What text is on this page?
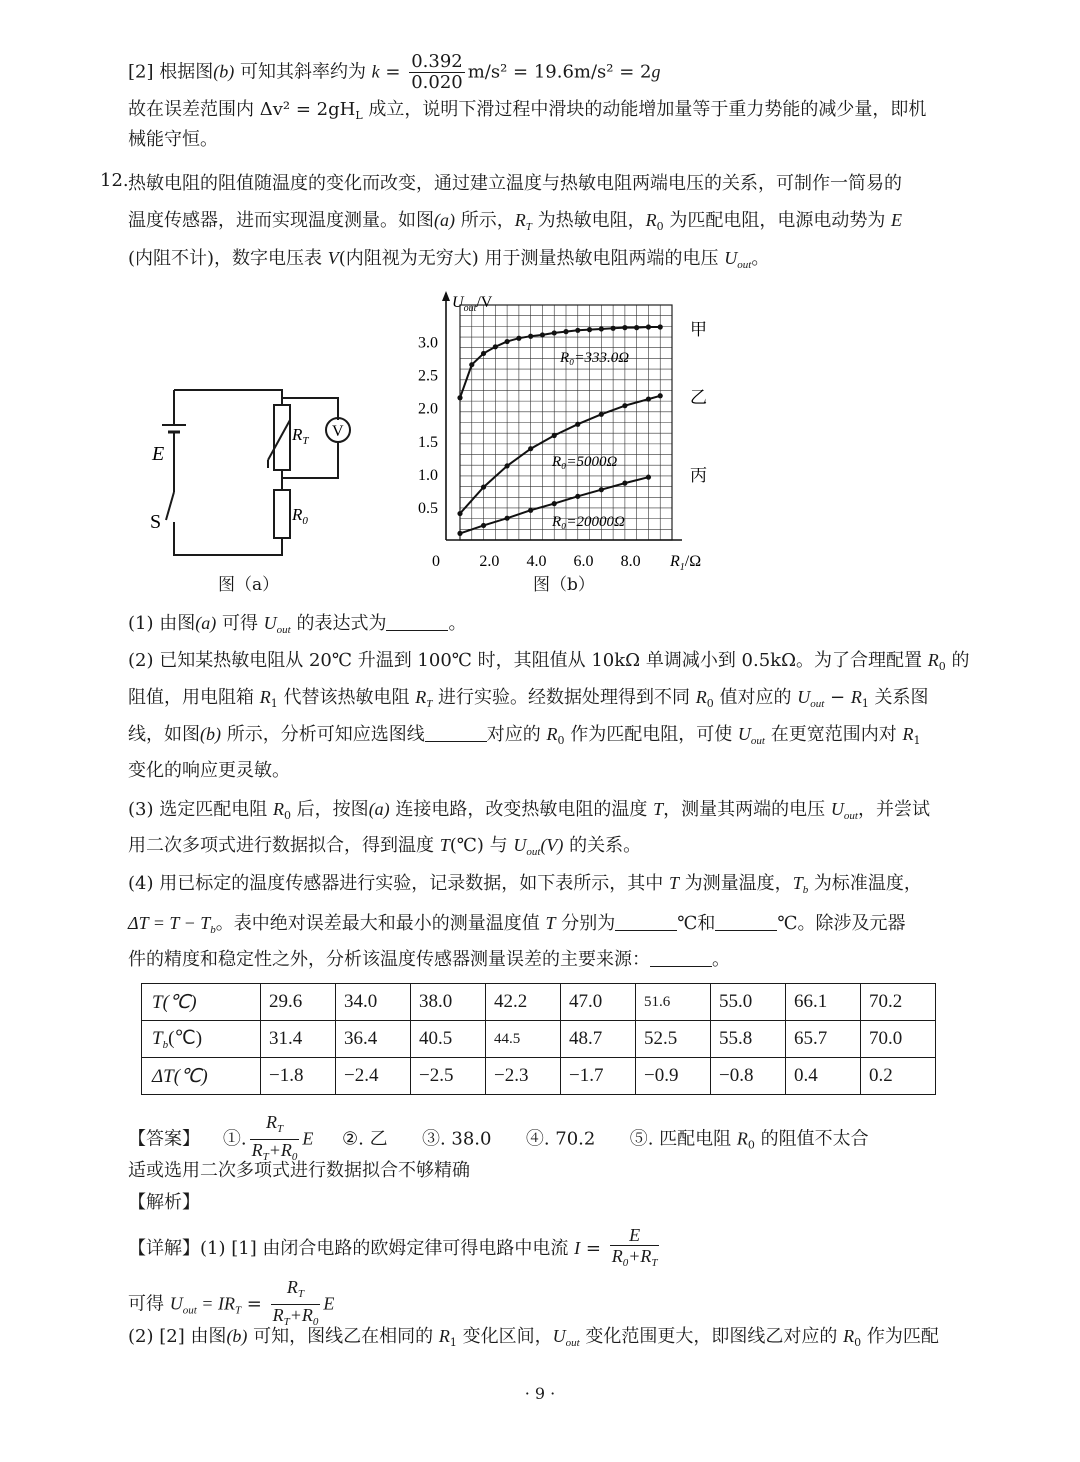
[2] 根据图(b) 可知其斜率约为 $k = \frac{0.392}{0.020} m/s^2 = 19.6m/s^2 = 2g$
故在误差范围内 $\Delta v^2 = 2gH_L$ 成立，说明下滑过程中滑块的动能增加量等于重力势能的减少量，即机
械能守恒。
12. 热敏电阻的阻值随温度的变化而改变，通过建立温度与热敏电阻两端电压的关系，可制作一简易的
温度传感器，进而实现温度测量。如图(a) 所示，$R_T$ 为热敏电阻，$R_0$ 为匹配电阻，电源电动势为 E
(内阻不计)，数字电压表 V(内阻视为无穷大) 用于测量热敏电阻两端的电压 $U_{out}$。
V
E
S
$R_T$
$R_0$
图（a）
0.5
1.0
1.5
2.0
2.5
3.0
2.0 4.0 6.0 8.0
甲
R₀=333.0Ω
乙
R₀=5000Ω
丙
R₀=20000Ω
$U_{out}/V$
$R_1/\Omega$
0
图（b）
(1) 由图(a) 可得 $U_{out}$ 的表达式为	。
(2) 已知某热敏电阻从 20℃ 升温到 100℃ 时，其阻值从 10kΩ 单调减小到 0.5kΩ。为了合理配置 $R_0$ 的
阻值，用电阻箱 $R_1$ 代替该热敏电阻 $R_T$ 进行实验。经数据处理得到不同 $R_0$ 值对应的 $U_{out} - R_1$ 关系图
线，如图(b) 所示，分析可知应选图线	对应的 $R_0$ 作为匹配电阻，可使 $U_{out}$ 在更宽范围内对 $R_1$
变化的响应更灵敏。
(3) 选定匹配电阻 $R_0$ 后，按图(a) 连接电路，改变热敏电阻的温度 T，测量其两端的电压 $U_{out}$，并尝试
用二次多项式进行数据拟合，得到温度 T(℃) 与 $U_{out}(V)$ 的关系。
(4) 用已标定的温度传感器进行实验，记录数据，如下表所示，其中 T 为测量温度，$T_b$ 为标准温度，
$\Delta T = T - T_b$。表中绝对误差最大和最小的测量温度值 T 分别为	℃和	℃。除涉及元器
件的精度和稳定性之外，分析该温度传感器测量误差的主要来源：	。
T(℃)	29.6	34.0	38.0	42.2	47.0	51.6	55.0	66.1	70.2
$T_b(℃)$	31.4	36.4	40.5	44.5	48.7	52.5	55.8	65.7	70.0
ΔT(℃)	−1.8	−2.4	−2.5	−2.3	−1.7	−0.9	−0.8	0.4	0.2
【答案】 ①. $\frac{R_T}{R_T+R_0}$ E ②. 乙 ③. 38.0 ④. 70.2 ⑤. 匹配电阻 $R_0$ 的阻值不太合
适或选用二次多项式进行数据拟合不够精确
【解析】
【详解】(1) [1] 由闭合电路的欧姆定律可得电路中电流 $I = \frac{E}{R_0+R_T}$
可得 $U_{out} = IR_T = \frac{R_T}{R_T+R_0}$ E
(2) [2] 由图(b) 可知，图线乙在相同的 $R_1$ 变化区间，$U_{out}$ 变化范围更大，即图线乙对应的 $R_0$ 作为匹配
· 9 ·
